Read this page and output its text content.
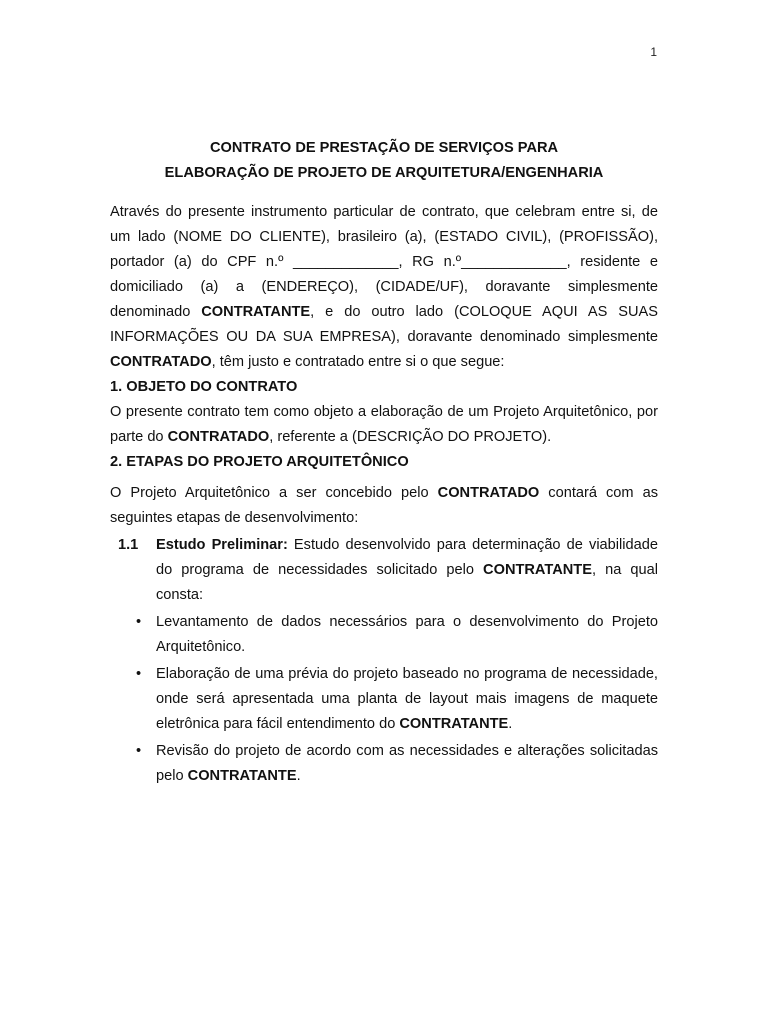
1
CONTRATO DE PRESTAÇÃO DE SERVIÇOS PARA
ELABORAÇÃO DE PROJETO DE ARQUITETURA/ENGENHARIA

Através do presente instrumento particular de contrato, que celebram entre si, de um lado (NOME DO CLIENTE), brasileiro (a), (ESTADO CIVIL), (PROFISSÃO), portador (a) do CPF n.º _____________, RG n.º_____________, residente e domiciliado (a) a (ENDEREÇO), (CIDADE/UF), doravante simplesmente denominado CONTRATANTE, e do outro lado (COLOQUE AQUI AS SUAS INFORMAÇÕES OU DA SUA EMPRESA), doravante denominado simplesmente CONTRATADO, têm justo e contratado entre si o que segue:

1. OBJETO DO CONTRATO

O presente contrato tem como objeto a elaboração de um Projeto Arquitetônico, por parte do CONTRATADO, referente a (DESCRIÇÃO DO PROJETO).

2. ETAPAS DO PROJETO ARQUITETÔNICO

O Projeto Arquitetônico a ser concebido pelo CONTRATADO contará com as seguintes etapas de desenvolvimento:

1.1	Estudo Preliminar: Estudo desenvolvido para determinação de viabilidade do programa de necessidades solicitado pelo CONTRATANTE, na qual consta:
•	Levantamento de dados necessários para o desenvolvimento do Projeto Arquitetônico.
•	Elaboração de uma prévia do projeto baseado no programa de necessidade, onde será apresentada uma planta de layout mais imagens de maquete eletrônica para fácil entendimento do CONTRATANTE.
•	Revisão do projeto de acordo com as necessidades e alterações solicitadas pelo CONTRATANTE.
